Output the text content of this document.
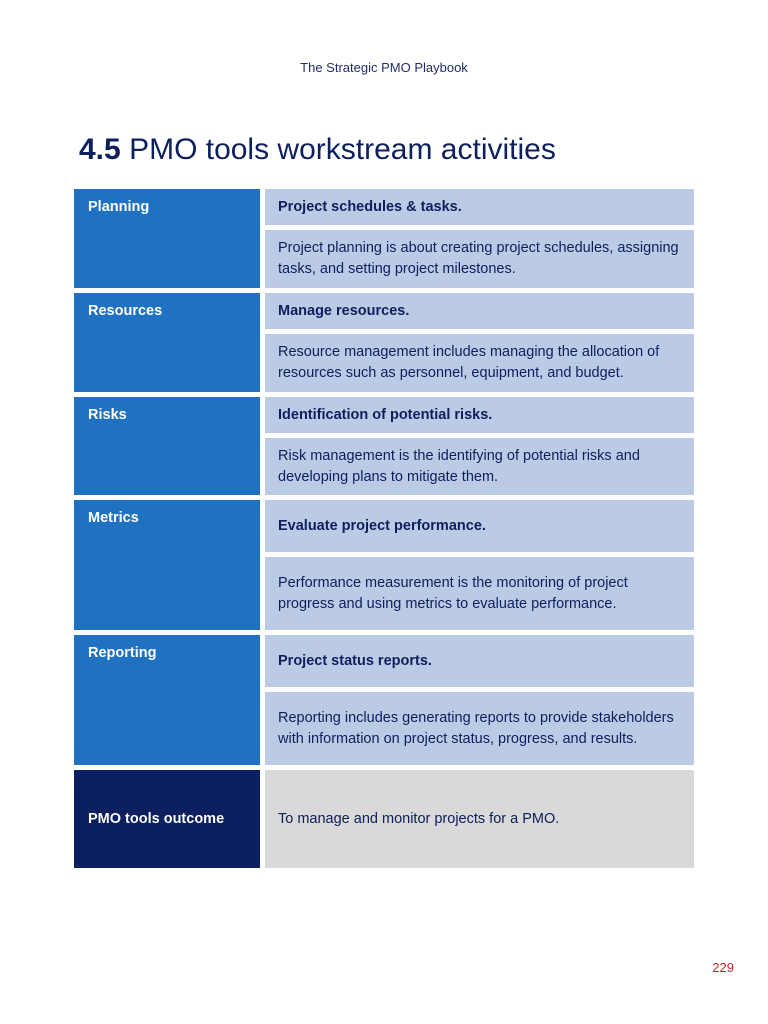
The Strategic PMO Playbook
4.5 PMO tools workstream activities
Planning	Project schedules & tasks.
Project planning is about creating project schedules, assigning tasks, and setting project milestones.
Resources	Manage resources.
Resource management includes managing the allocation of resources such as personnel, equipment, and budget.
Risks	Identification of potential risks.
Risk management is the identifying of potential risks and developing plans to mitigate them.
Metrics	Evaluate project performance.
Performance measurement is the monitoring of project progress and using metrics to evaluate performance.
Reporting	Project status reports.
Reporting includes generating reports to provide stakeholders with information on project status, progress, and results.
PMO tools outcome	To manage and monitor projects for a PMO.
229
